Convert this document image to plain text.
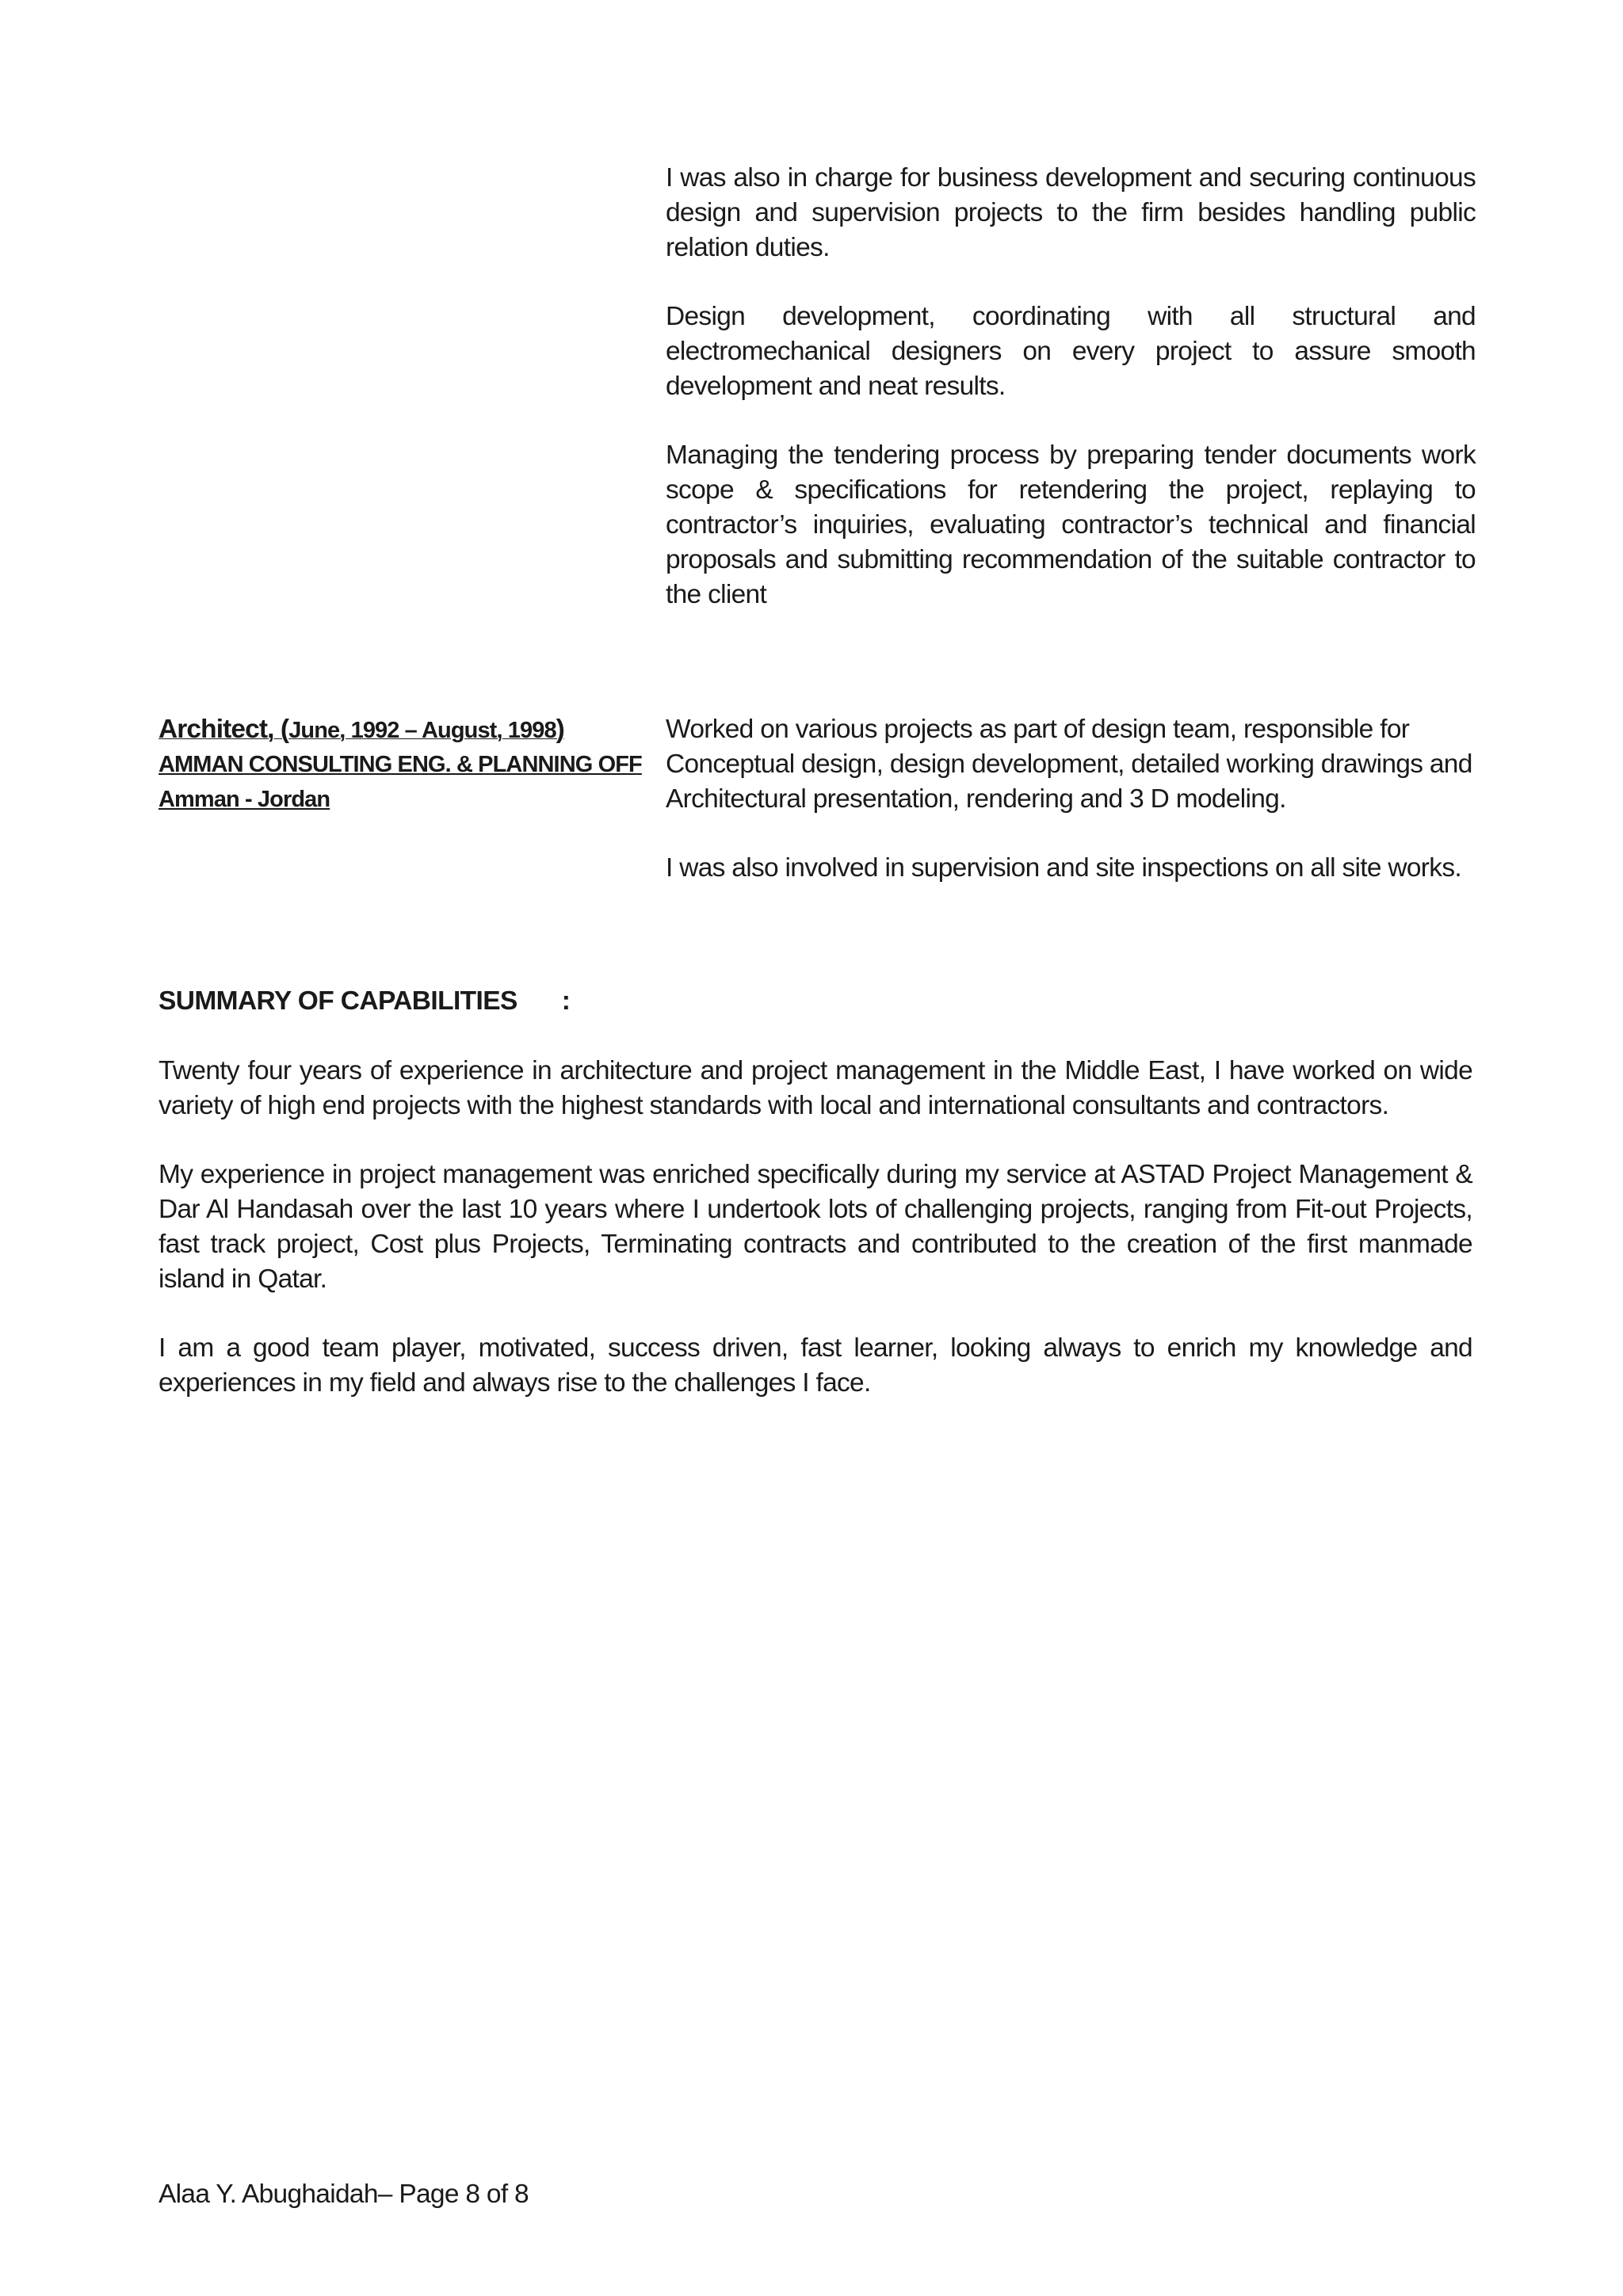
I was also in charge for business development and securing continuous design and supervision projects to the firm besides handling public relation duties.

Design development, coordinating with all structural and electromechanical designers on every project to assure smooth development and neat results.

Managing the tendering process by preparing tender documents work scope & specifications for retendering the project, replaying to contractor’s inquiries, evaluating contractor’s technical and financial proposals and submitting recommendation of the suitable contractor to the client

Architect, (June, 1992 – August, 1998)
AMMAN CONSULTING ENG. & PLANNING OFF
Amman - Jordan

Worked on various projects as part of design team, responsible for Conceptual design, design development, detailed working drawings and Architectural presentation, rendering and 3 D modeling.

I was also involved in supervision and site inspections on all site works.

SUMMARY OF CAPABILITIES :

Twenty four years of experience in architecture and project management in the Middle East, I have worked on wide variety of high end projects with the highest standards with local and international consultants and contractors.

My experience in project management was enriched specifically during my service at ASTAD Project Management & Dar Al Handasah over the last 10 years where I undertook lots of challenging projects, ranging from Fit-out Projects, fast track project, Cost plus Projects, Terminating contracts and contributed to the creation of the first manmade island in Qatar.

I am a good team player, motivated, success driven, fast learner, looking always to enrich my knowledge and experiences in my field and always rise to the challenges I face.

Alaa Y. Abughaidah– Page 8 of 8
